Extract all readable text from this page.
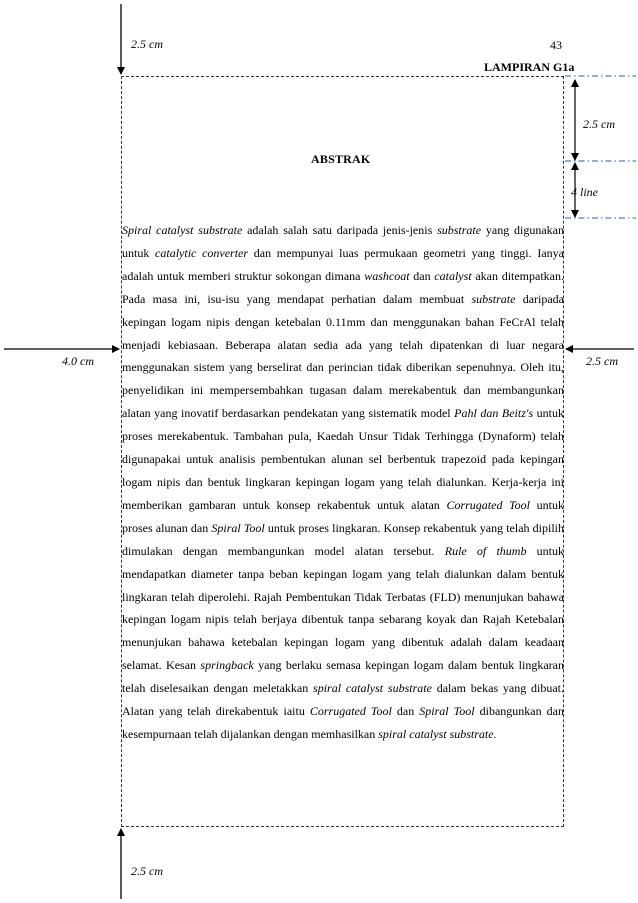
2.5 cm	43
LAMPIRAN G1a
2.5 cm
ABSTRAK
4 line
4.0 cm	2.5 cm
2.5 cm

Spiral catalyst substrate adalah salah satu daripada jenis-jenis substrate yang digunakan untuk catalytic converter dan mempunyai luas permukaan geometri yang tinggi. Ianya adalah untuk memberi struktur sokongan dimana washcoat dan catalyst akan ditempatkan. Pada masa ini, isu-isu yang mendapat perhatian dalam membuat substrate daripada kepingan logam nipis dengan ketebalan 0.11mm dan menggunakan bahan FeCrAl telah menjadi kebiasaan. Beberapa alatan sedia ada yang telah dipatenkan di luar negara menggunakan sistem yang berselirat dan perincian tidak diberikan sepenuhnya. Oleh itu, penyelidikan ini mempersembahkan tugasan dalam merekabentuk dan membangunkan alatan yang inovatif berdasarkan pendekatan yang sistematik model Pahl dan Beitz's untuk proses merekabentuk. Tambahan pula, Kaedah Unsur Tidak Terhingga (Dynaform) telah digunapakai untuk analisis pembentukan alunan sel berbentuk trapezoid pada kepingan logam nipis dan bentuk lingkaran kepingan logam yang telah dialunkan. Kerja-kerja ini memberikan gambaran untuk konsep rekabentuk untuk alatan Corrugated Tool untuk proses alunan dan Spiral Tool untuk proses lingkaran. Konsep rekabentuk yang telah dipilih dimulakan dengan membangunkan model alatan tersebut. Rule of thumb untuk mendapatkan diameter tanpa beban kepingan logam yang telah dialunkan dalam bentuk lingkaran telah diperolehi. Rajah Pembentukan Tidak Terbatas (FLD) menunjukan bahawa kepingan logam nipis telah berjaya dibentuk tanpa sebarang koyak dan Rajah Ketebalan menunjukan bahawa ketebalan kepingan logam yang dibentuk adalah dalam keadaan selamat. Kesan springback yang berlaku semasa kepingan logam dalam bentuk lingkaran telah diselesaikan dengan meletakkan spiral catalyst substrate dalam bekas yang dibuat. Alatan yang telah direkabentuk iaitu Corrugated Tool dan Spiral Tool dibangunkan dan kesempurnaan telah dijalankan dengan memhasilkan spiral catalyst substrate.
